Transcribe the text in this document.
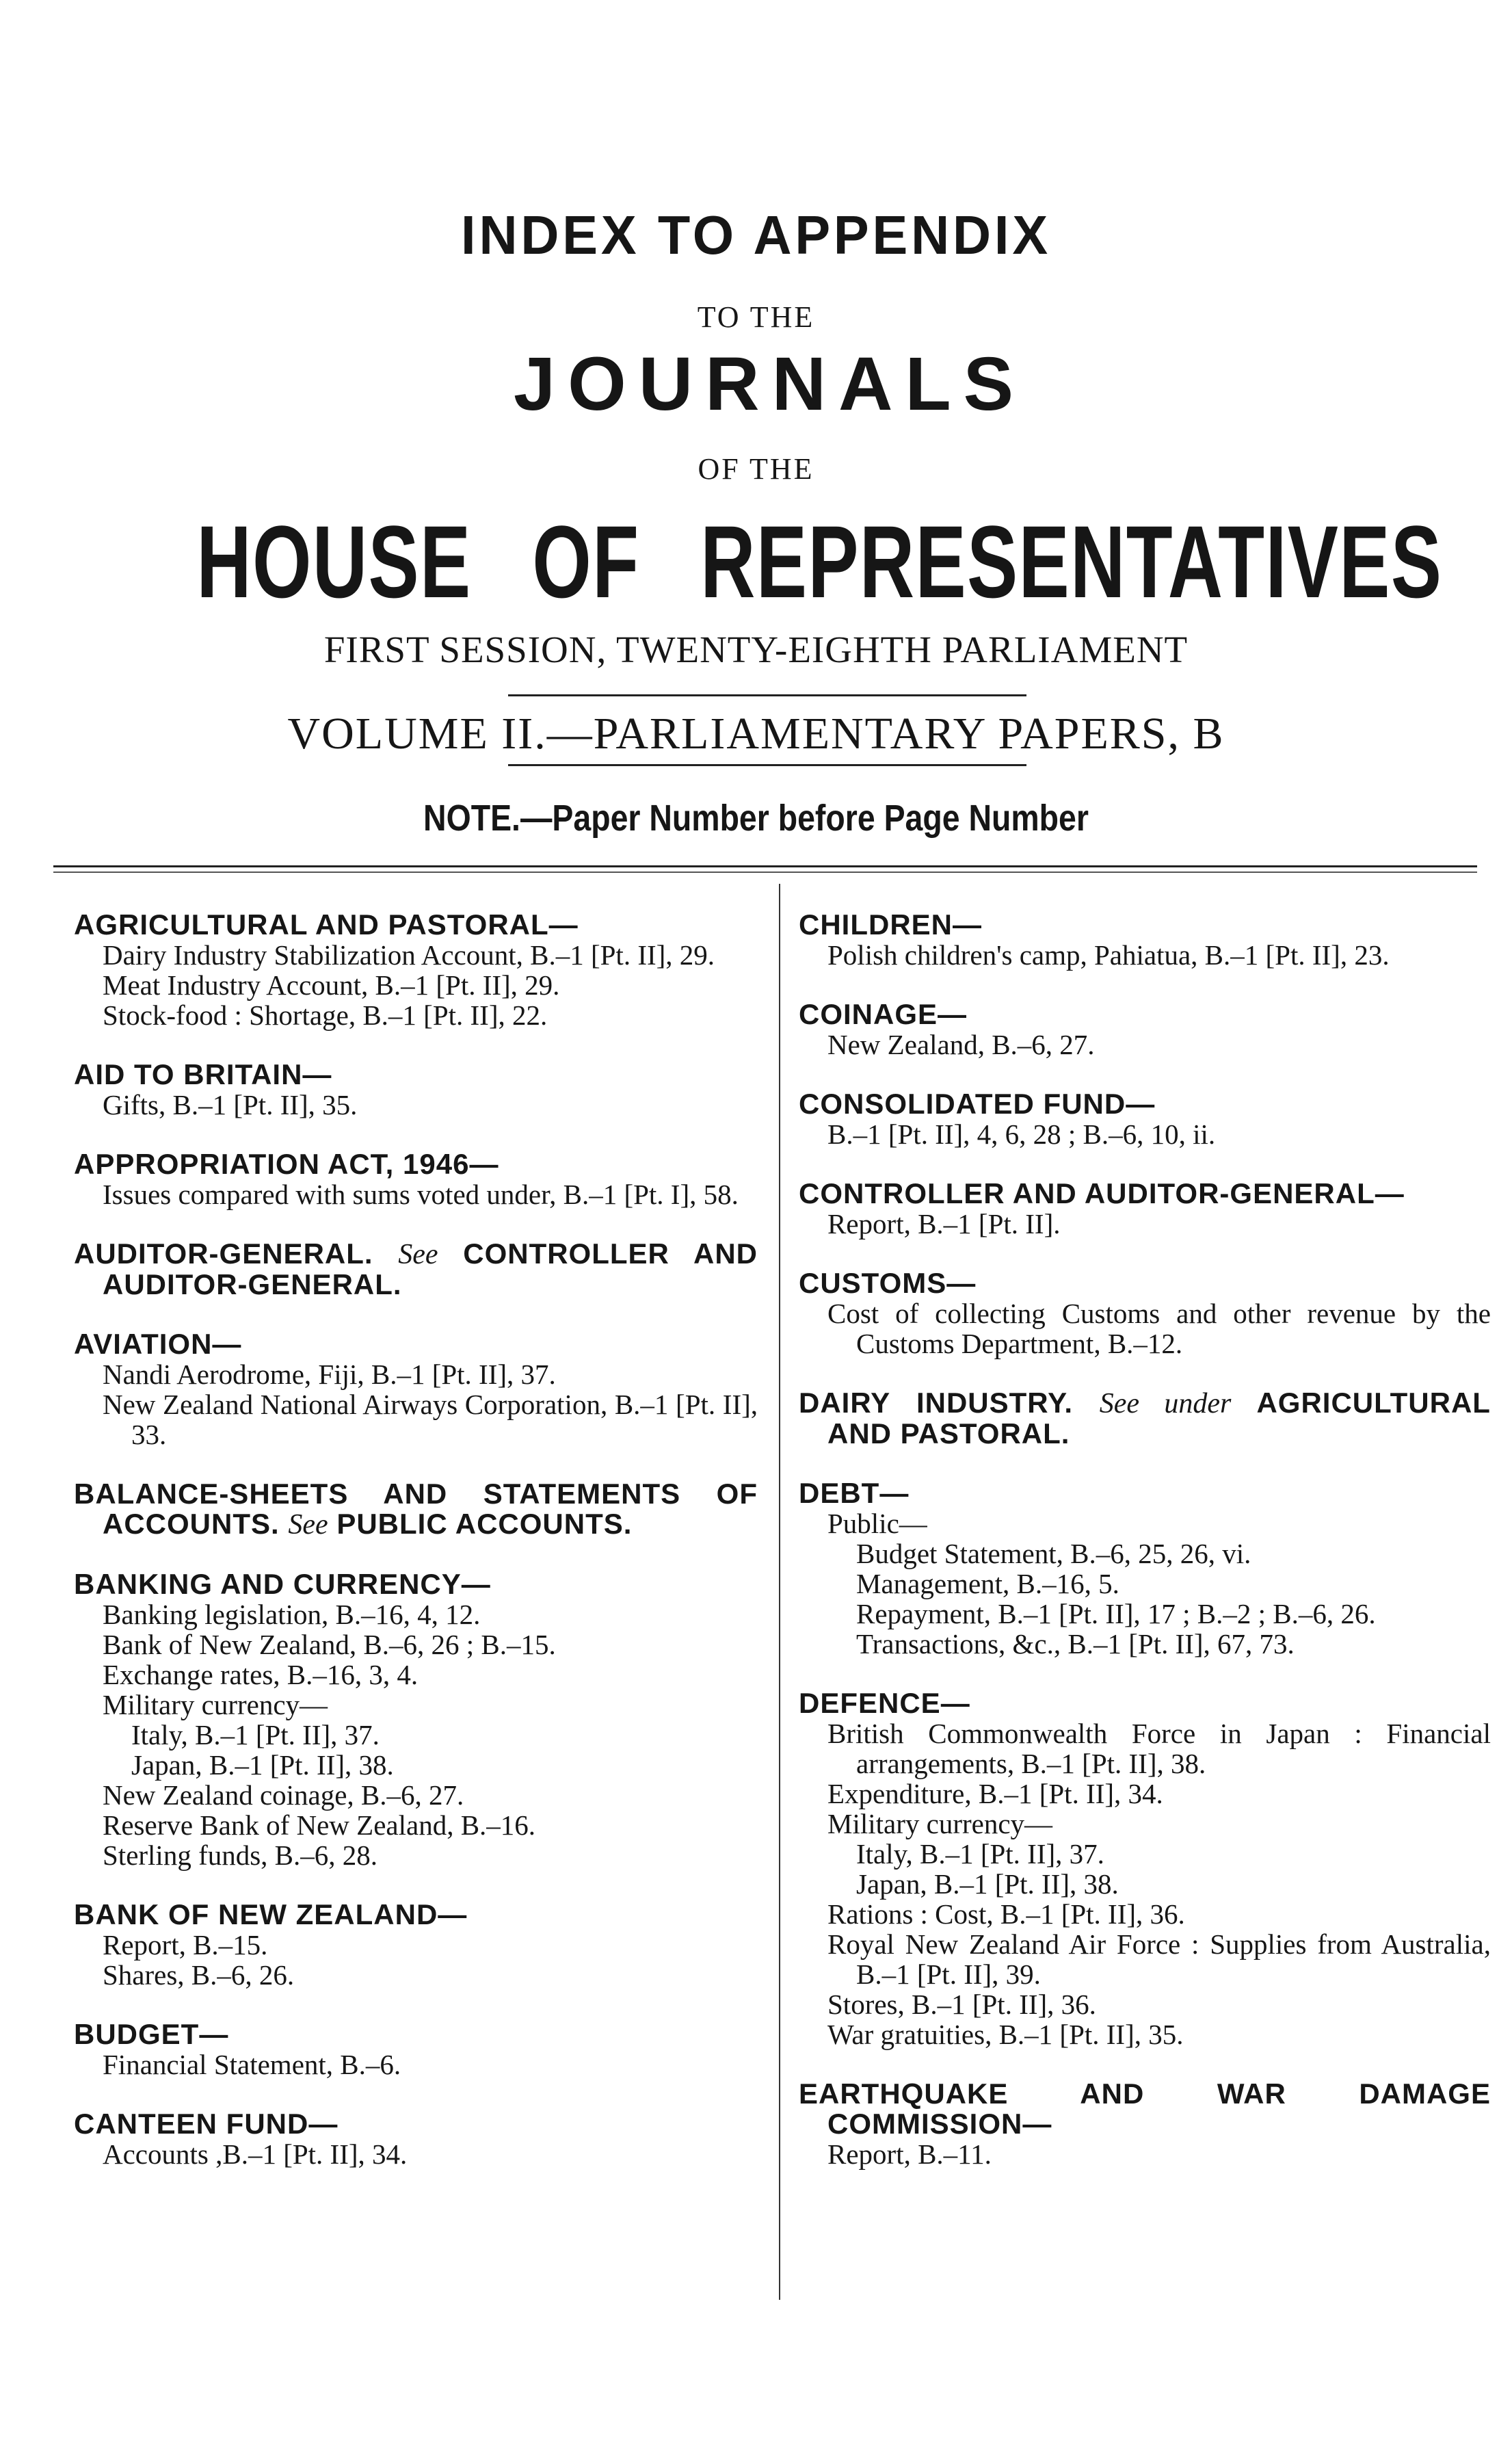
INDEX TO APPENDIX
TO THE
JOURNALS
OF THE
HOUSE OF REPRESENTATIVES
FIRST SESSION, TWENTY-EIGHTH PARLIAMENT
VOLUME II.—PARLIAMENTARY PAPERS, B
NOTE.—Paper Number before Page Number
AGRICULTURAL AND PASTORAL—
Dairy Industry Stabilization Account, B.–1 [Pt. II], 29.
Meat Industry Account, B.–1 [Pt. II], 29.
Stock-food : Shortage, B.–1 [Pt. II], 22.
AID TO BRITAIN—
Gifts, B.–1 [Pt. II], 35.
APPROPRIATION ACT, 1946—
Issues compared with sums voted under, B.–1 [Pt. I], 58.
AUDITOR-GENERAL. See CONTROLLER AND AUDITOR-GENERAL.
AVIATION—
Nandi Aerodrome, Fiji, B.–1 [Pt. II], 37.
New Zealand National Airways Corporation, B.–1 [Pt. II], 33.
BALANCE-SHEETS AND STATEMENTS OF ACCOUNTS. See PUBLIC ACCOUNTS.
BANKING AND CURRENCY—
Banking legislation, B.–16, 4, 12.
Bank of New Zealand, B.–6, 26 ; B.–15.
Exchange rates, B.–16, 3, 4.
Military currency—
Italy, B.–1 [Pt. II], 37.
Japan, B.–1 [Pt. II], 38.
New Zealand coinage, B.–6, 27.
Reserve Bank of New Zealand, B.–16.
Sterling funds, B.–6, 28.
BANK OF NEW ZEALAND—
Report, B.–15.
Shares, B.–6, 26.
BUDGET—
Financial Statement, B.–6.
CANTEEN FUND—
Accounts ,B.–1 [Pt. II], 34.
CHILDREN—
Polish children's camp, Pahiatua, B.–1 [Pt. II], 23.
COINAGE—
New Zealand, B.–6, 27.
CONSOLIDATED FUND—
B.–1 [Pt. II], 4, 6, 28 ; B.–6, 10, ii.
CONTROLLER AND AUDITOR-GENERAL—
Report, B.–1 [Pt. II].
CUSTOMS—
Cost of collecting Customs and other revenue by the Customs Department, B.–12.
DAIRY INDUSTRY. See under AGRICULTURAL AND PASTORAL.
DEBT—
Public—
Budget Statement, B.–6, 25, 26, vi.
Management, B.–16, 5.
Repayment, B.–1 [Pt. II], 17 ; B.–2 ; B.–6, 26.
Transactions, &c., B.–1 [Pt. II], 67, 73.
DEFENCE—
British Commonwealth Force in Japan : Financial arrangements, B.–1 [Pt. II], 38.
Expenditure, B.–1 [Pt. II], 34.
Military currency—
Italy, B.–1 [Pt. II], 37.
Japan, B.–1 [Pt. II], 38.
Rations : Cost, B.–1 [Pt. II], 36.
Royal New Zealand Air Force : Supplies from Australia, B.–1 [Pt. II], 39.
Stores, B.–1 [Pt. II], 36.
War gratuities, B.–1 [Pt. II], 35.
EARTHQUAKE AND WAR DAMAGE COMMISSION—
Report, B.–11.
